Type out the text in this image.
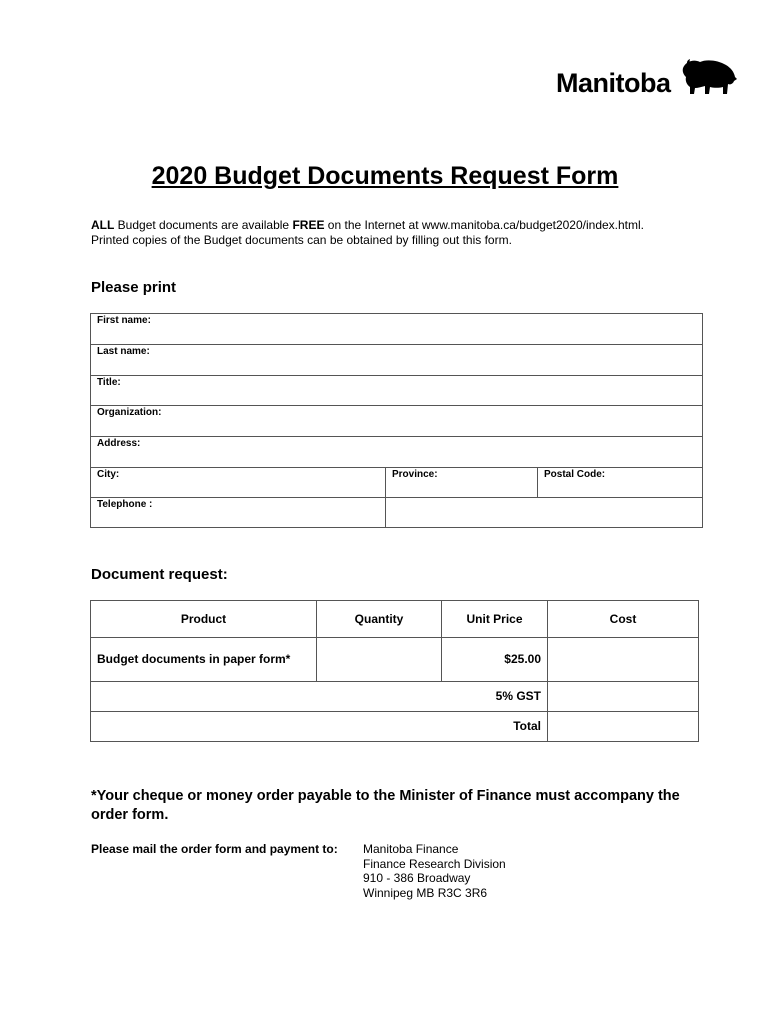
Manitoba
2020 Budget Documents Request Form

ALL Budget documents are available FREE on the Internet at www.manitoba.ca/budget2020/index.html.

Printed copies of the Budget documents can be obtained by filling out this form.

Please print
First name:
Last name:
Title:
Organization:
Address:
City:	Province:	Postal Code:
Telephone :
Document request:
Product	Quantity	Unit Price	Cost
Budget documents in paper form*		$25.00	
5% GST			
Total			
*Your cheque or money order payable to the Minister of Finance must accompany the order form.
Please mail the order form and payment to: Manitoba Finance
Finance Research Division
910 - 386 Broadway
Winnipeg MB R3C 3R6
